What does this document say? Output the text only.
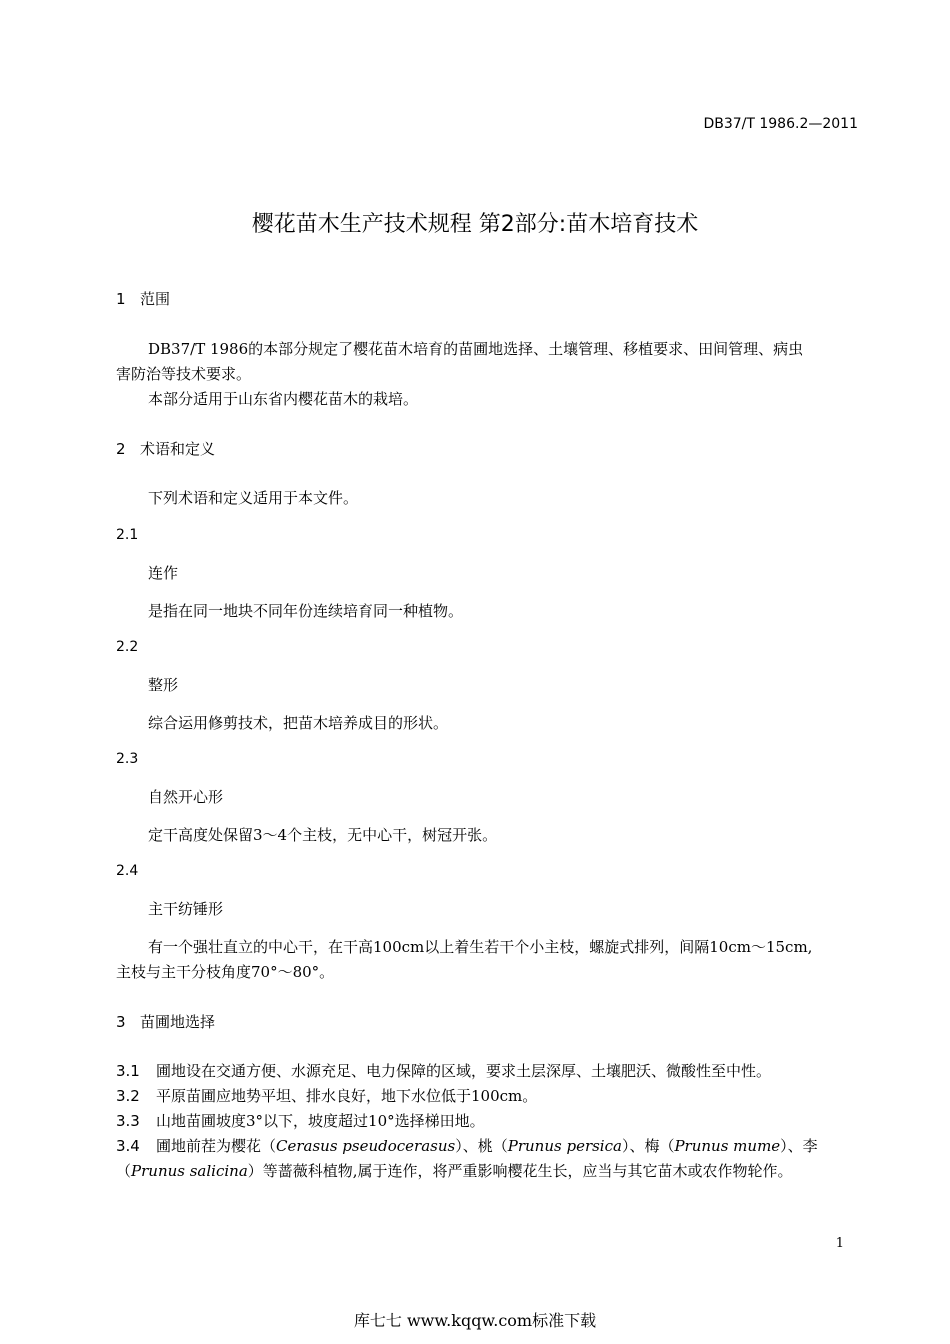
DB37/T 1986.2—2011
樱花苗木生产技术规程 第2部分:苗木培育技术
1 范围
DB37/T 1986的本部分规定了樱花苗木培育的苗圃地选择、土壤管理、移植要求、田间管理、病虫
害防治等技术要求。
本部分适用于山东省内樱花苗木的栽培。
2 术语和定义
下列术语和定义适用于本文件。
2.1
连作
是指在同一地块不同年份连续培育同一种植物。
2.2
整形
综合运用修剪技术，把苗木培养成目的形状。
2.3
自然开心形
定干高度处保留3～4个主枝，无中心干，树冠开张。
2.4
主干纺锤形
有一个强壮直立的中心干，在干高100cm以上着生若干个小主枝，螺旋式排列，间隔10cm～15cm,
主枝与主干分枝角度70°～80°。
3 苗圃地选择
3.1 圃地设在交通方便、水源充足、电力保障的区域，要求土层深厚、土壤肥沃、微酸性至中性。
3.2 平原苗圃应地势平坦、排水良好，地下水位低于100cm。
3.3 山地苗圃坡度3°以下，坡度超过10°选择梯田地。
3.4 圃地前茬为樱花（Cerasus pseudocerasus）、桃（Prunus persica）、梅（Prunus mume）、李
（Prunus salicina）等蔷薇科植物,属于连作，将严重影响樱花生长，应当与其它苗木或农作物轮作。
1
库七七 www.kqqw.com标准下载
